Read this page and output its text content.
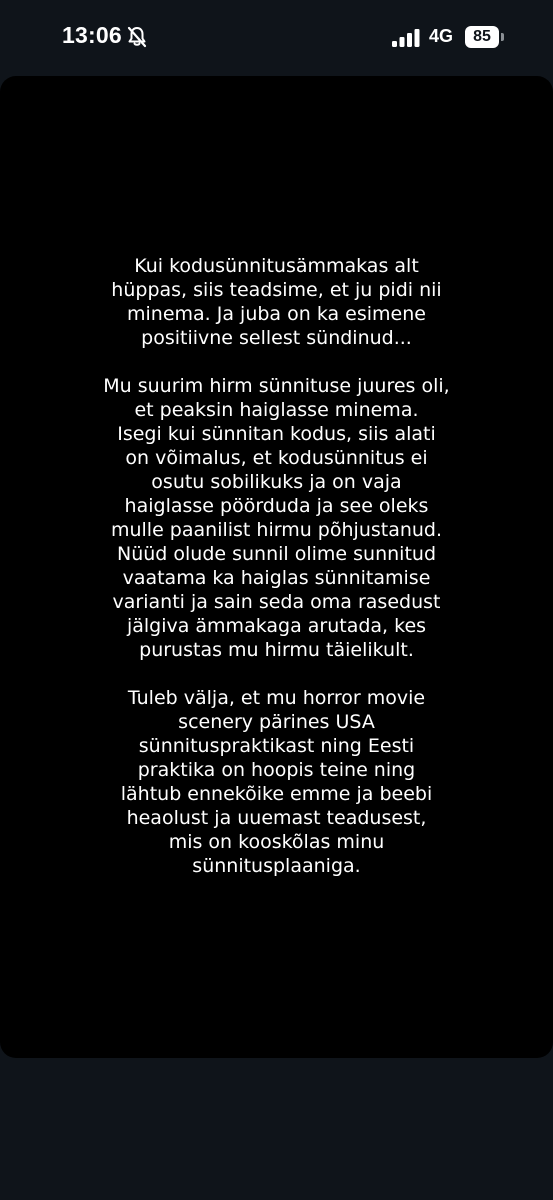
13:06	4G	85

Kui kodusünnitusämmakas alt
hüppas, siis teadsime, et ju pidi nii
minema. Ja juba on ka esimene
positiivne sellest sündinud...

Mu suurim hirm sünnituse juures oli,
et peaksin haiglasse minema.
Isegi kui sünnitan kodus, siis alati
on võimalus, et kodusünnitus ei
osutu sobilikuks ja on vaja
haiglasse pöörduda ja see oleks
mulle paanilist hirmu põhjustanud.
Nüüd olude sunnil olime sunnitud
vaatama ka haiglas sünnitamise
varianti ja sain seda oma rasedust
jälgiva ämmakaga arutada, kes
purustas mu hirmu täielikult.

Tuleb välja, et mu horror movie
scenery pärines USA
sünnituspraktikast ning Eesti
praktika on hoopis teine ning
lähtub ennekõike emme ja beebi
heaolust ja uuemast teadusest,
mis on kooskõlas minu
sünnitusplaaniga.
